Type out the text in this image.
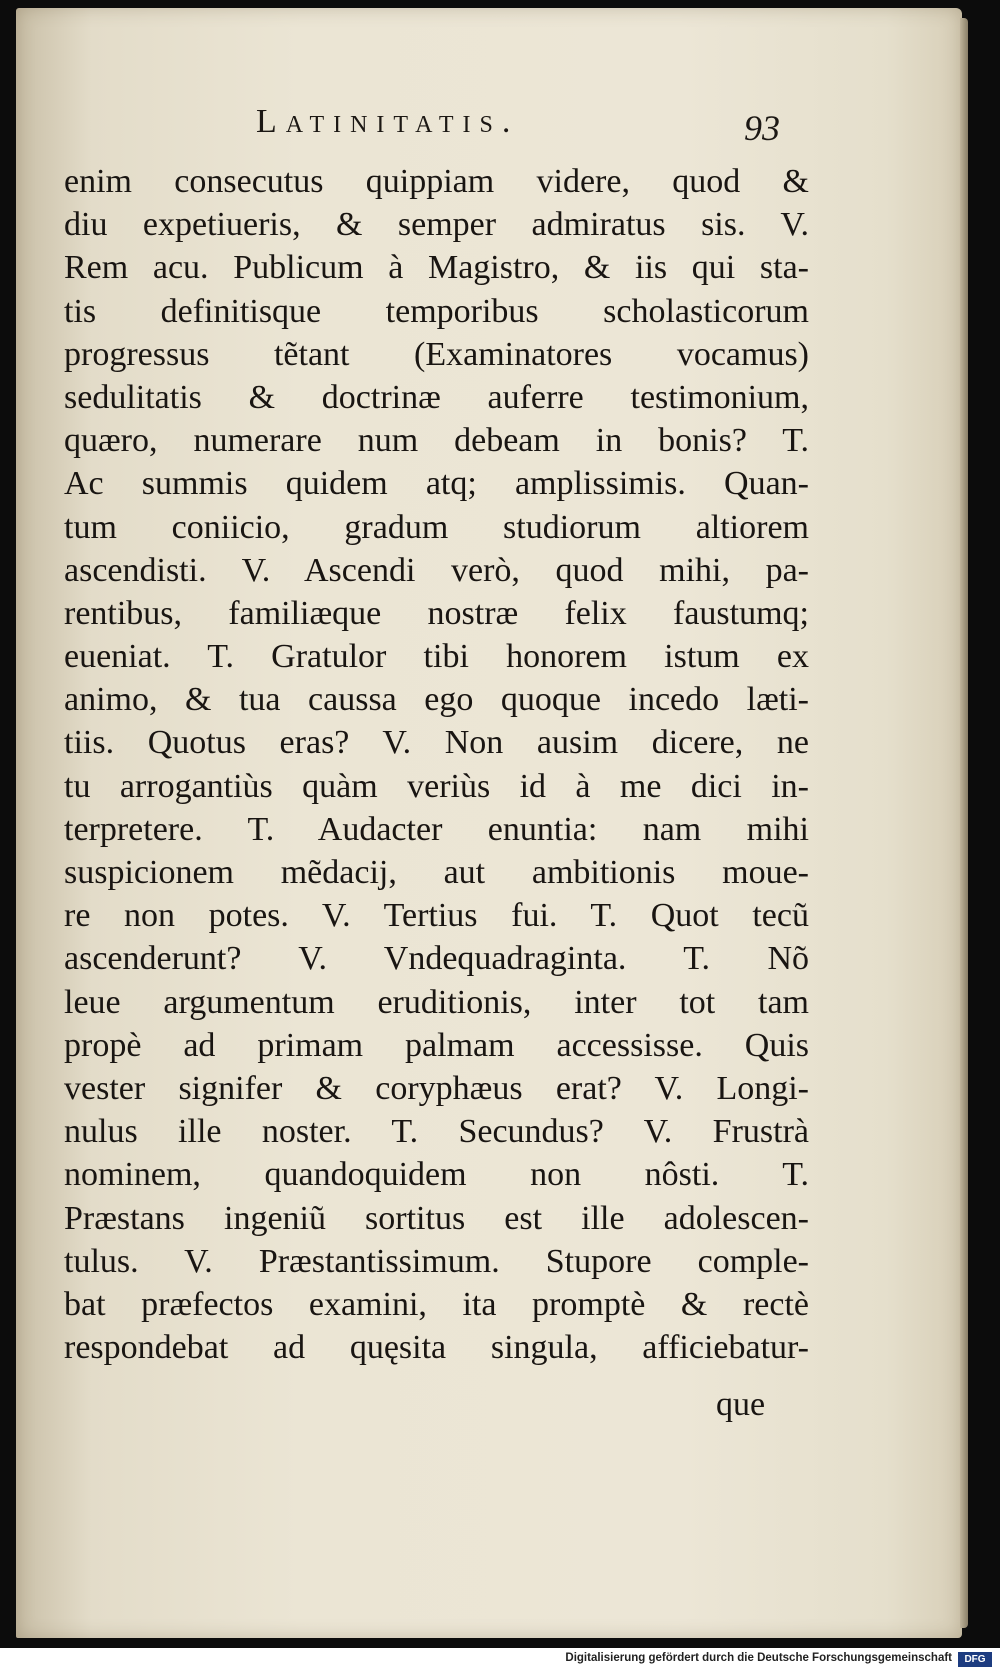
Latinitatis.	93
enim consecutus quippiam videre, quod &
diu expetiueris, & semper admiratus sis. V.
Rem acu. Publicum à Magistro, & iis qui sta-
tis definitisque temporibus scholasticorum
progressus tẽtant (Examinatores vocamus)
sedulitatis & doctrinæ auferre testimonium,
quæro, numerare num debeam in bonis? T.
Ac summis quidem atq; amplissimis. Quan-
tum coniicio, gradum studiorum altiorem
ascendisti. V. Ascendi verò, quod mihi, pa-
rentibus, familiæque nostræ felix faustumq;
eueniat. T. Gratulor tibi honorem istum ex
animo, & tua caussa ego quoque incedo læti-
tiis. Quotus eras? V. Non ausim dicere, ne
tu arrogantiùs quàm veriùs id à me dici in-
terpretere. T. Audacter enuntia: nam mihi
suspicionem mẽdacij, aut ambitionis moue-
re non potes. V. Tertius fui. T. Quot tecũ
ascenderunt? V. Vndequadraginta. T. Nõ
leue argumentum eruditionis, inter tot tam
propè ad primam palmam accessisse. Quis
vester signifer & coryphæus erat? V. Longi-
nulus ille noster. T. Secundus? V. Frustrà
nominem, quandoquidem non nôsti. T.
Præstans ingeniũ sortitus est ille adolescen-
tulus. V. Præstantissimum. Stupore comple-
bat præfectos examini, ita promptè & rectè
respondebat ad quęsita singula, afficiebatur-
que
Digitalisierung gefördert durch die Deutsche Forschungsgemeinschaft	DFG
